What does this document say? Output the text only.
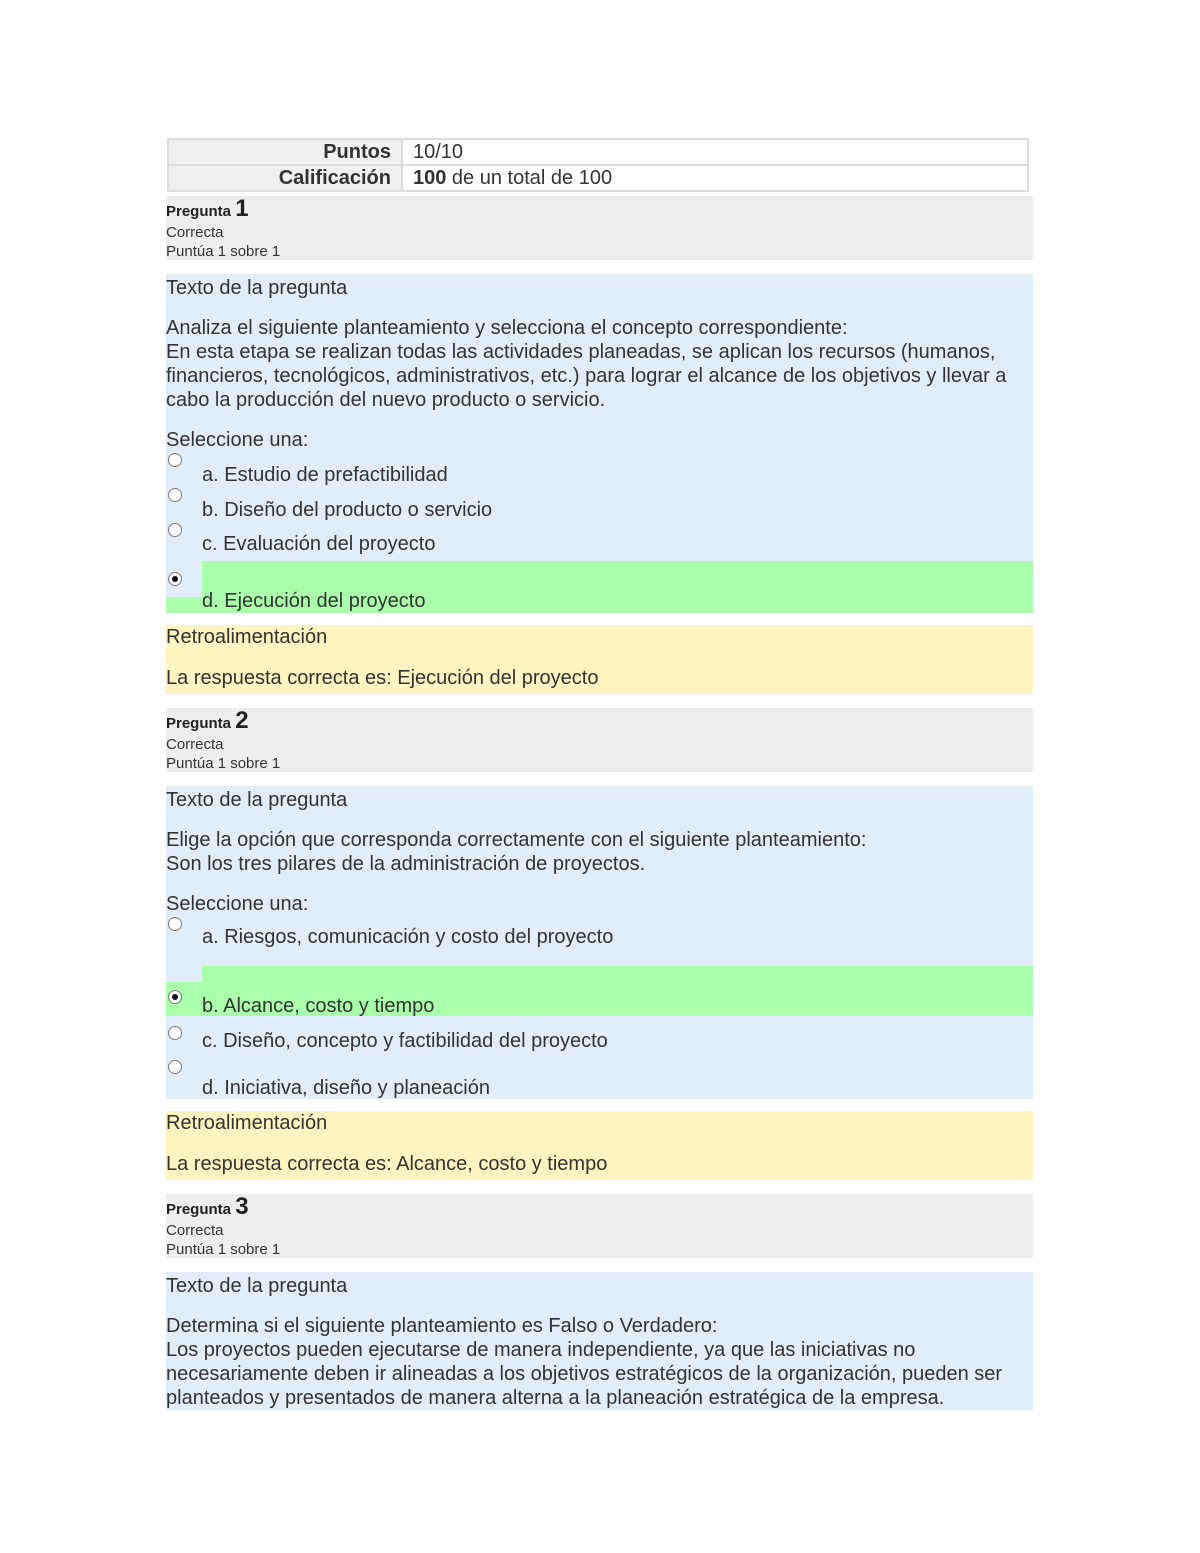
Puntos	10/10
Calificación	100 de un total de 100
Pregunta 1
Correcta
Puntúa 1 sobre 1
Texto de la pregunta

Analiza el siguiente planteamiento y selecciona el concepto correspondiente:

En esta etapa se realizan todas las actividades planeadas, se aplican los recursos (humanos, financieros, tecnológicos, administrativos, etc.) para lograr el alcance de los objetivos y llevar a cabo la producción del nuevo producto o servicio.

Seleccione una:
a. Estudio de prefactibilidad
b. Diseño del producto o servicio
c. Evaluación del proyecto
d. Ejecución del proyecto
Retroalimentación
La respuesta correcta es: Ejecución del proyecto
Pregunta 2
Correcta
Puntúa 1 sobre 1
Texto de la pregunta

Elige la opción que corresponda correctamente con el siguiente planteamiento:

Son los tres pilares de la administración de proyectos.

Seleccione una:
a. Riesgos, comunicación y costo del proyecto
b. Alcance, costo y tiempo
c. Diseño, concepto y factibilidad del proyecto
d. Iniciativa, diseño y planeación
Retroalimentación
La respuesta correcta es: Alcance, costo y tiempo
Pregunta 3
Correcta
Puntúa 1 sobre 1
Texto de la pregunta

Determina si el siguiente planteamiento es Falso o Verdadero:

Los proyectos pueden ejecutarse de manera independiente, ya que las iniciativas no necesariamente deben ir alineadas a los objetivos estratégicos de la organización, pueden ser planteados y presentados de manera alterna a la planeación estratégica de la empresa.
